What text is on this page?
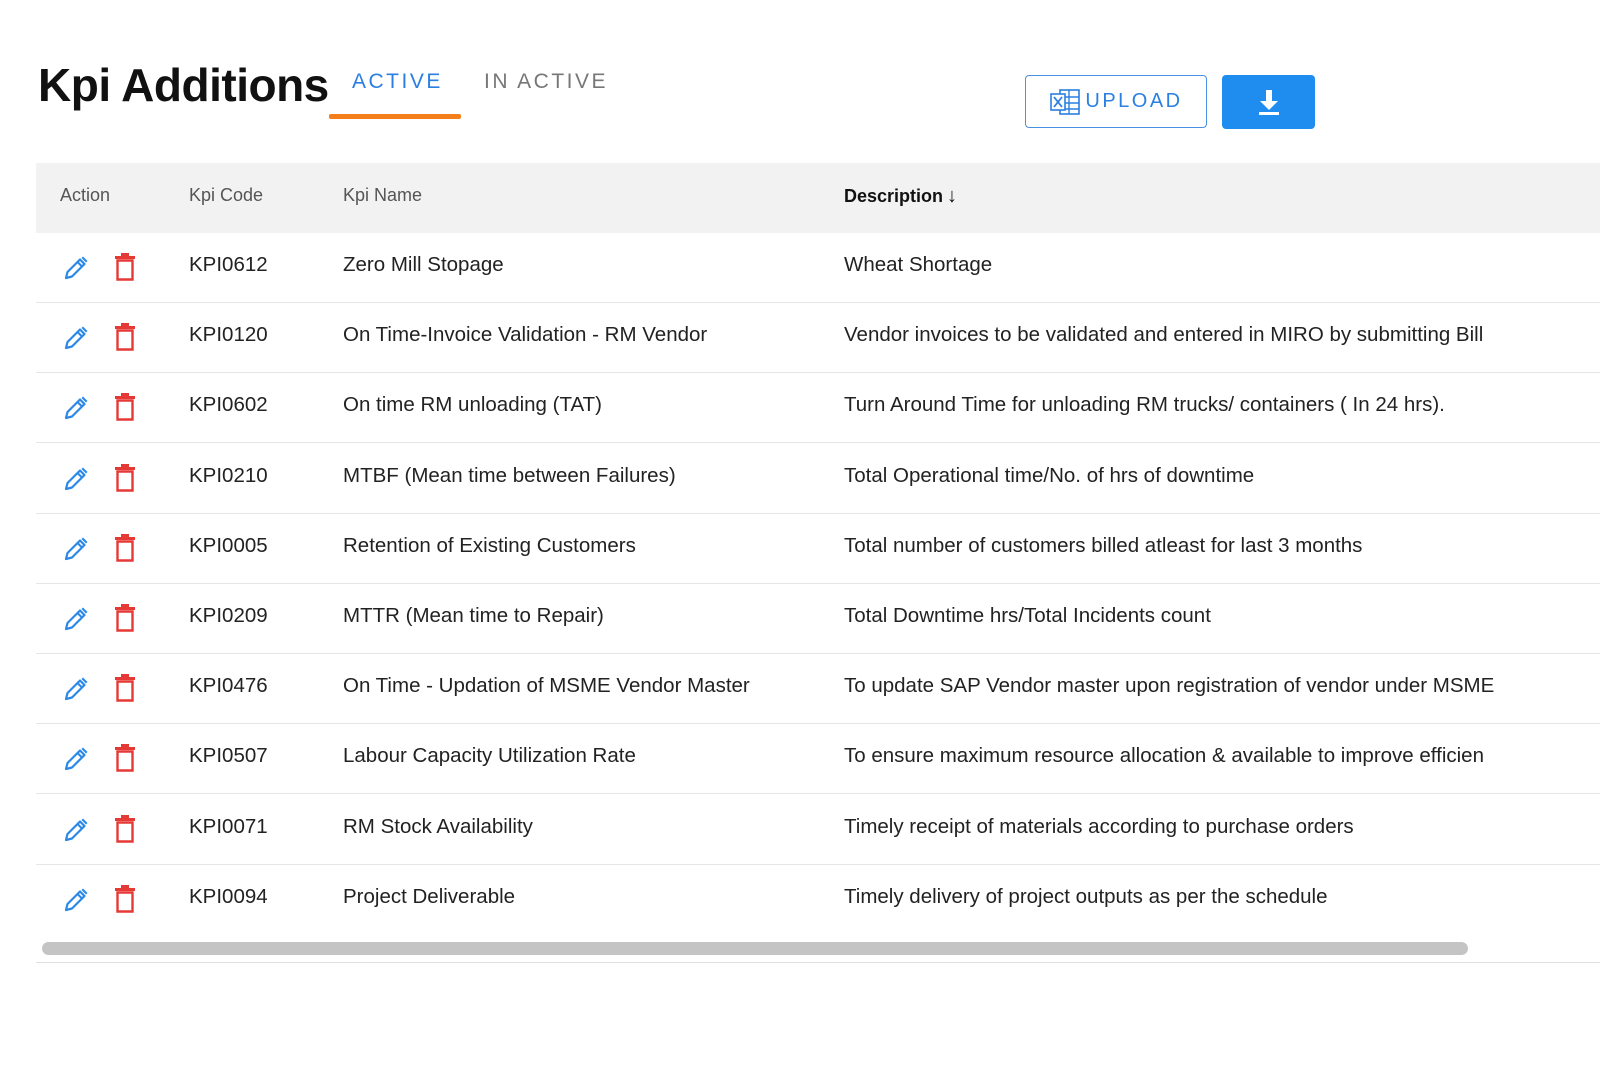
Kpi Additions ACTIVE IN ACTIVE
UPLOAD
Action	Kpi Code	Kpi Name	Description ↓
KPI0612	Zero Mill Stopage	Wheat Shortage
KPI0120	On Time-Invoice Validation - RM Vendor	Vendor invoices to be validated and entered in MIRO by submitting Bill
KPI0602	On time RM unloading (TAT)	Turn Around Time for unloading RM trucks/ containers ( In 24 hrs).
KPI0210	MTBF (Mean time between Failures)	Total Operational time/No. of hrs of downtime
KPI0005	Retention of Existing Customers	Total number of customers billed atleast for last 3 months
KPI0209	MTTR (Mean time to Repair)	Total Downtime hrs/Total Incidents count
KPI0476	On Time - Updation of MSME Vendor Master	To update SAP Vendor master upon registration of vendor under MSME
KPI0507	Labour Capacity Utilization Rate	To ensure maximum resource allocation & available to improve efficien
KPI0071	RM Stock Availability	Timely receipt of materials according to purchase orders
KPI0094	Project Deliverable	Timely delivery of project outputs as per the schedule
